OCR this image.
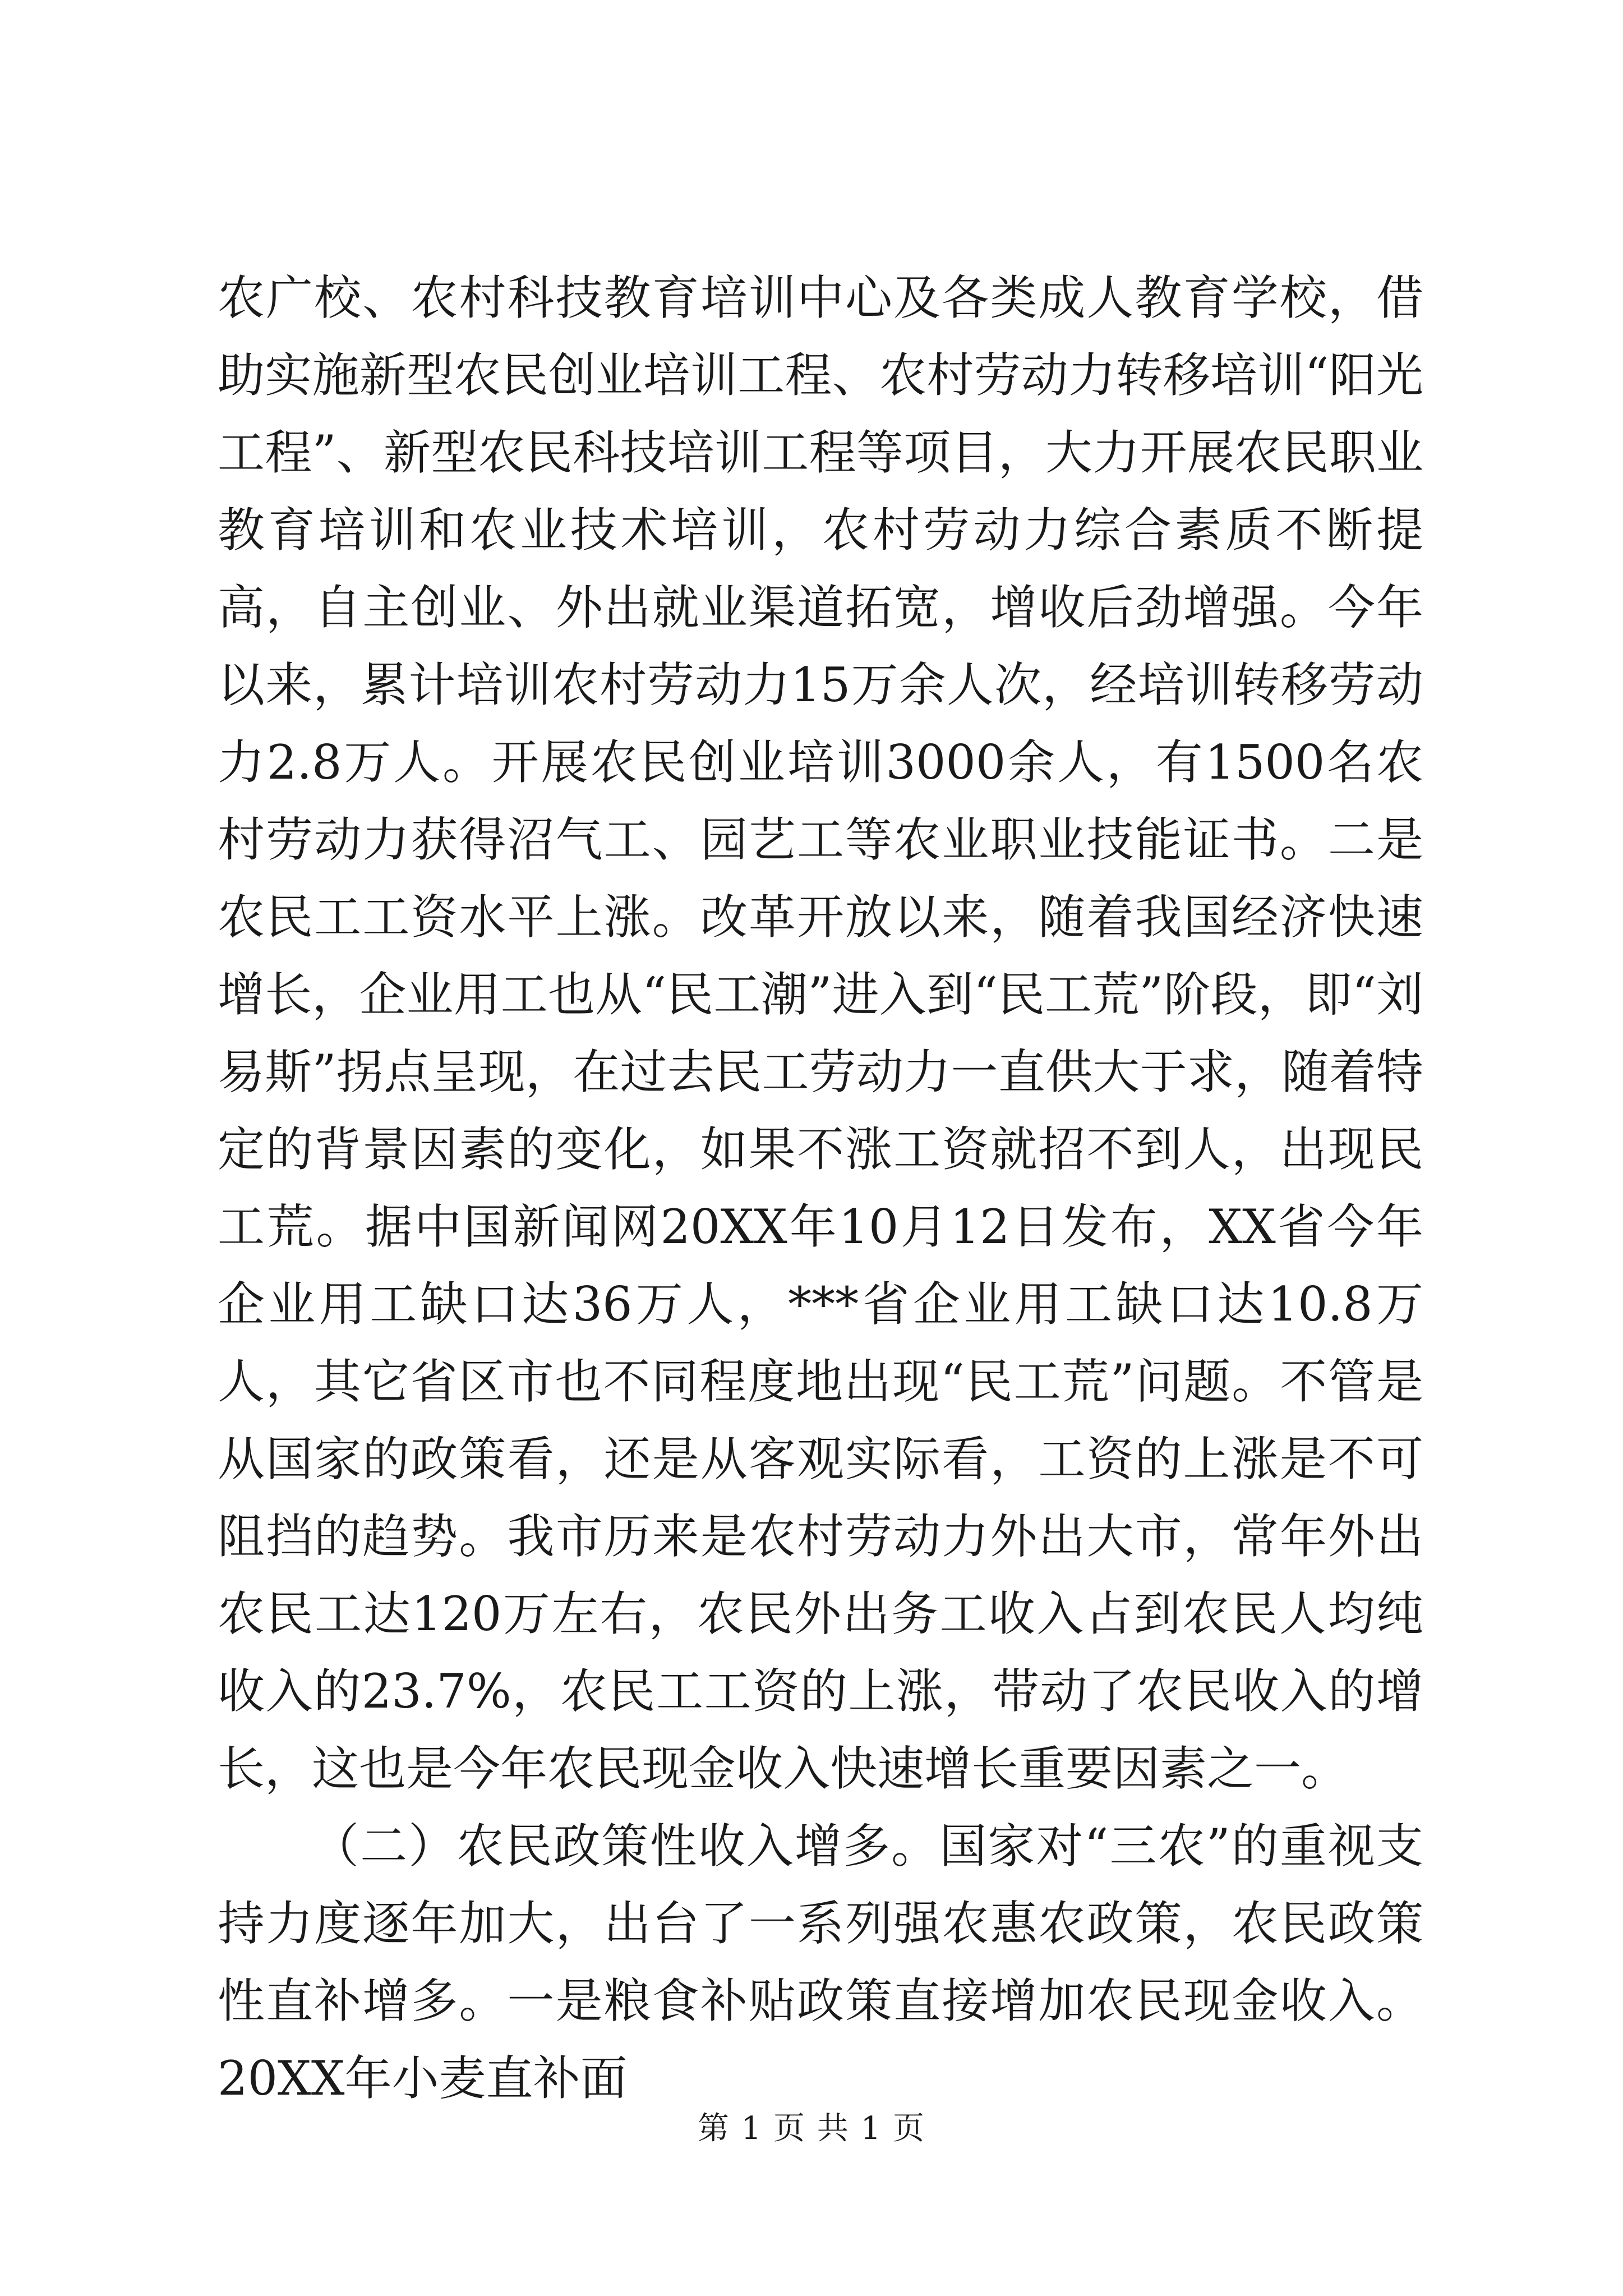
农广校、农村科技教育培训中心及各类成人教育学校，借助实施新型农民创业培训工程、农村劳动力转移培训“阳光工程”、新型农民科技培训工程等项目，大力开展农民职业教育培训和农业技术培训，农村劳动力综合素质不断提高，自主创业、外出就业渠道拓宽，增收后劲增强。今年以来，累计培训农村劳动力15万余人次，经培训转移劳动力2.8万人。开展农民创业培训3000余人，有1500名农村劳动力获得沼气工、园艺工等农业职业技能证书。二是农民工工资水平上涨。改革开放以来，随着我国经济快速增长，企业用工也从“民工潮”进入到“民工荒”阶段，即“刘易斯”拐点呈现，在过去民工劳动力一直供大于求，随着特定的背景因素的变化，如果不涨工资就招不到人，出现民工荒。据中国新闻网20XX年10月12日发布，XX省今年企业用工缺口达36万人，***省企业用工缺口达10.8万人，其它省区市也不同程度地出现“民工荒”问题。不管是从国家的政策看，还是从客观实际看，工资的上涨是不可阻挡的趋势。我市历来是农村劳动力外出大市，常年外出农民工达120万左右，农民外出务工收入占到农民人均纯收入的23.7%，农民工工资的上涨，带动了农民收入的增长，这也是今年农民现金收入快速增长重要因素之一。

（二）农民政策性收入增多。国家对“三农”的重视支持力度逐年加大，出台了一系列强农惠农政策，农民政策性直补增多。一是粮食补贴政策直接增加农民现金收入。20XX年小麦直补面

第 1 页 共 1 页
